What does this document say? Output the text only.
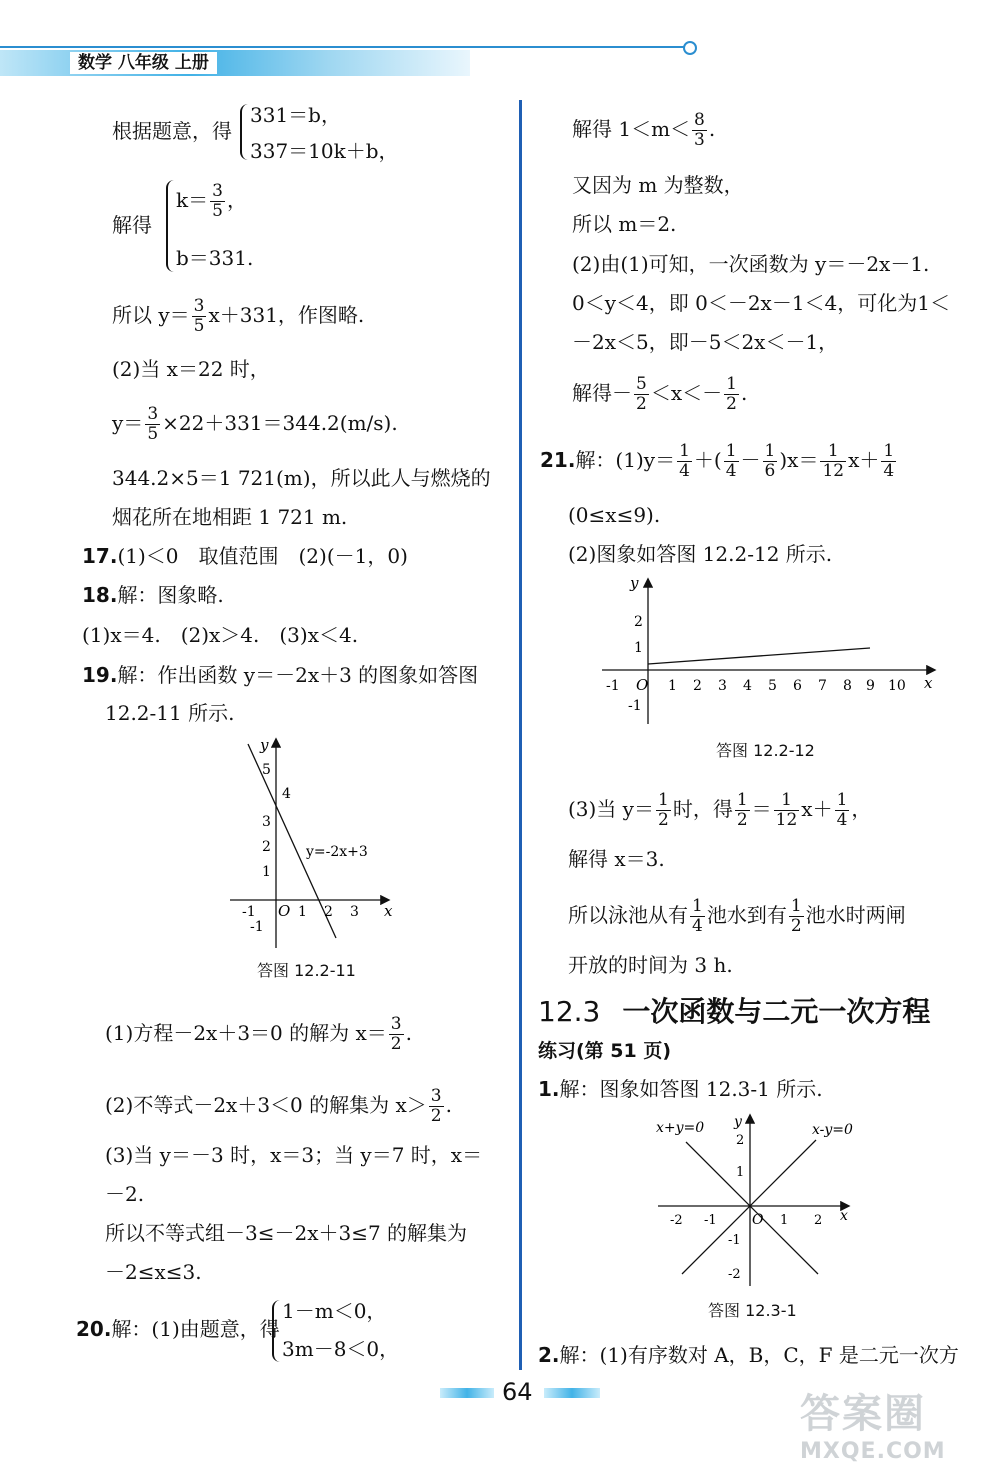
数学 八年级 上册
根据题意，得
331＝b，
337＝10k＋b，
解得
$k= \frac{3}{5}$ ，
b＝331.
所以 $y= \frac{3}{5} x+331$，作图略.
(2)当 x＝22 时，
$y= \frac{3}{5} \times 22+331=344.2(m/s)$.
344.2×5＝1 721(m)，所以此人与燃烧的
烟花所在地相距 1 721 m.
17.(1)＜0　取值范围　(2)(－1，0)
18.解：图象略.
(1)x＝4.　(2)x＞4.　(3)x＜4.
19.解：作出函数 y＝－2x＋3 的图象如答图
12.2-11 所示.
x
y
O
-1	1 2 3
-1
1
2
3
4
5
y=-2x+3
答图 12.2-11
(1)方程－2x＋3＝0 的解为 $x= \frac{3}{2}$ .
(2)不等式－2x＋3＜0 的解集为 $x> \frac{3}{2}$ .
(3)当 y＝－3 时，x＝3；当 y＝7 时，x＝
－2.
所以不等式组－3≤－2x＋3≤7 的解集为
－2≤x≤3.
20.解：(1)由题意，得
1－m＜0，
3m－8＜0，
解得 $1<m< \frac{8}{3}$ .
又因为 m 为整数，
所以 m＝2.
(2)由(1)可知，一次函数为 y＝－2x－1.
0＜y＜4，即 0＜－2x－1＜4，可化为1＜
－2x＜5，即－5＜2x＜－1，
解得－ $\frac{5}{2} <x<- \frac{1}{2}$ .
21.解：$(1)y= \frac{1}{4}$ ＋( $\frac{1}{4} - \frac{1}{6} )x= \frac{1}{12} x+ \frac{1}{4}$
(0≤x≤9).
(2)图象如答图 12.2-12 所示.
x
y
O
-1	1 2 3 4 5 6 7 8 9 10
-1
1
2
答图 12.2-12
(3)当 $y= \frac{1}{2}$ 时，得 $\frac{1}{2} = \frac{1}{12} x+ \frac{1}{4}$ ，
解得 x＝3.
所以泳池从有 $\frac{1}{4}$ 池水到有 $\frac{1}{2}$ 池水时两闸
开放的时间为 3 h.
12.3 一次函数与二元一次方程
练习(第 51 页)
1.解：图象如答图 12.3-1 所示.
x+y=0	x-y=0
x
y
O
-2 -1	1 2
-2
-1
1
2
答图 12.3-1
2.解：(1)有序数对 A，B，C，F 是二元一次方
64	答案圈
MXQE.COM
